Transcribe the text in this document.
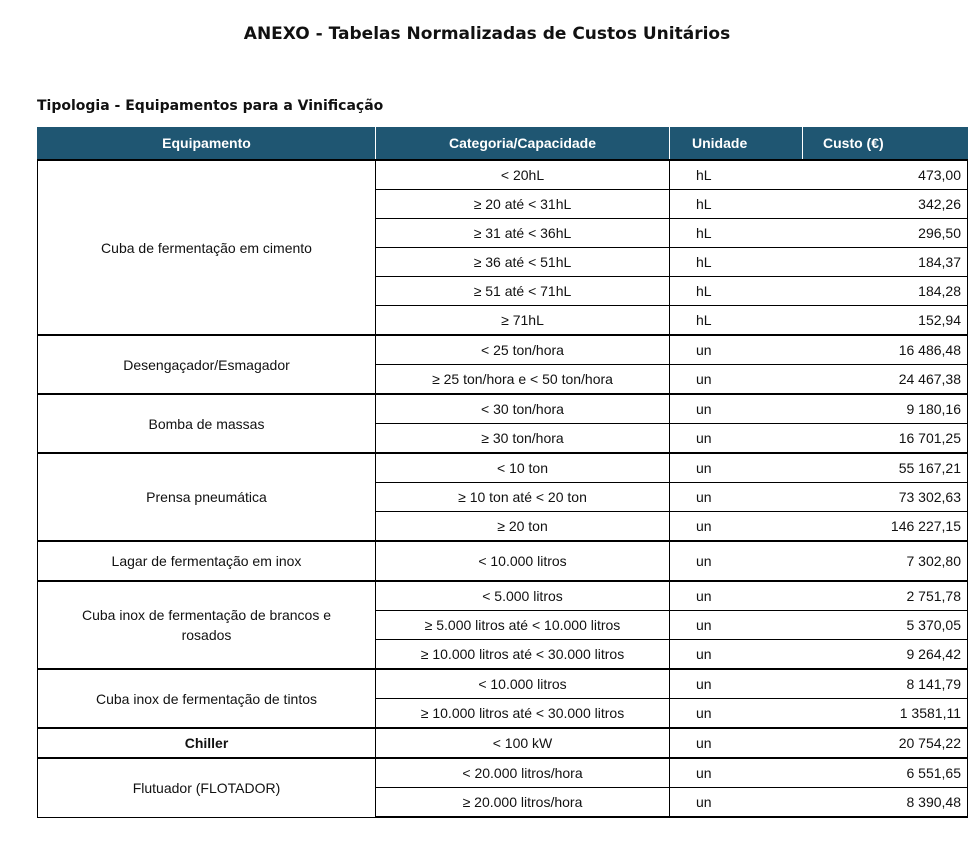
ANEXO - Tabelas Normalizadas de Custos Unitários
Tipologia - Equipamentos para a Vinificação
Equipamento	Categoria/Capacidade	Unidade	Custo (€)
Cuba de fermentação em cimento	< 20hL	hL	473,00
	≥ 20 até < 31hL	hL	342,26
	≥ 31 até < 36hL	hL	296,50
	≥ 36 até < 51hL	hL	184,37
	≥ 51 até < 71hL	hL	184,28
	≥ 71hL	hL	152,94
Desengaçador/Esmagador	< 25 ton/hora	un	16 486,48
	≥ 25 ton/hora e < 50 ton/hora	un	24 467,38
Bomba de massas	< 30 ton/hora	un	9 180,16
	≥ 30 ton/hora	un	16 701,25
Prensa pneumática	< 10 ton	un	55 167,21
	≥ 10 ton até < 20 ton	un	73 302,63
	≥ 20 ton	un	146 227,15
Lagar de fermentação em inox	< 10.000 litros	un	7 302,80
Cuba inox de fermentação de brancos e rosados	< 5.000 litros	un	2 751,78
	≥ 5.000 litros até < 10.000 litros	un	5 370,05
	≥ 10.000 litros até < 30.000 litros	un	9 264,42
Cuba inox de fermentação de tintos	< 10.000 litros	un	8 141,79
	≥ 10.000 litros até < 30.000 litros	un	1 3581,11
Chiller	< 100 kW	un	20 754,22
Flutuador (FLOTADOR)	< 20.000 litros/hora	un	6 551,65
	≥ 20.000 litros/hora	un	8 390,48
